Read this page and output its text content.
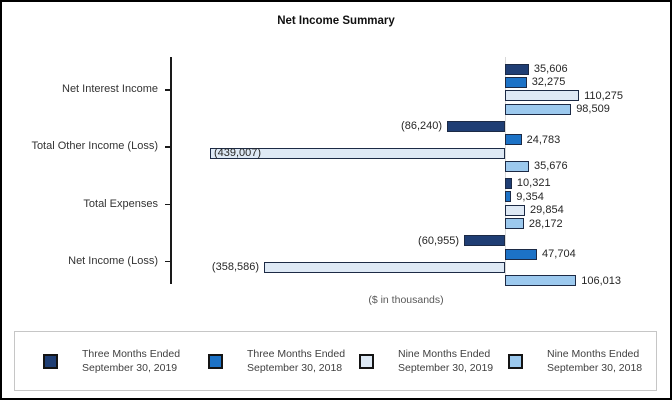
Net Income Summary
35,606
(86,240)
10,321
(60,955)
32,275
24,783
9,354
47,704
110,275
(439,007)
29,854
(358,586)
98,509
35,676
28,172
106,013
Net Interest Income
Total Other Income (Loss)
Total Expenses
Net Income (Loss)
($ in thousands)
Three Months Ended
September 30, 2019
Three Months Ended
September 30, 2018
Nine Months Ended
September 30, 2019
Nine Months Ended
September 30, 2018
